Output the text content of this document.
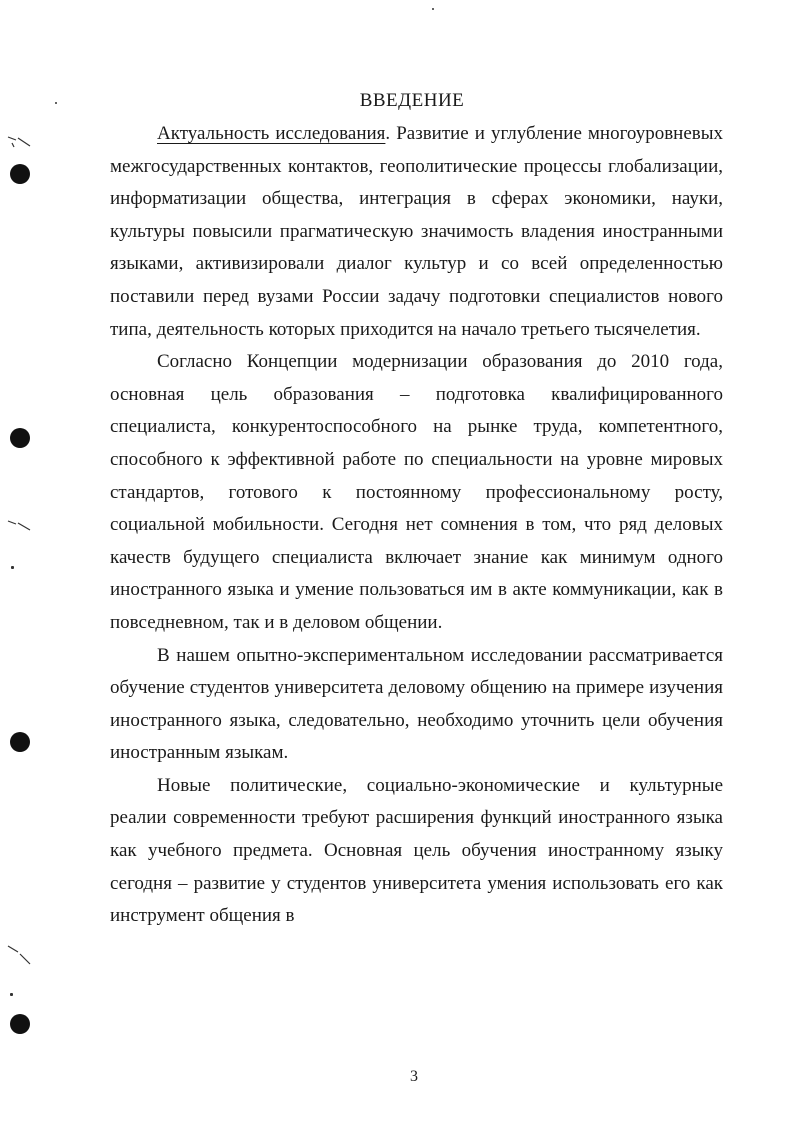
ВВЕДЕНИЕ

Актуальность исследования. Развитие и углубление многоуровневых межгосударственных контактов, геополитические процессы глобализации, информатизации общества, интеграция в сферах экономики, науки, культуры повысили прагматическую значимость владения иностранными языками, активизировали диалог культур и со всей определенностью поставили перед вузами России задачу подготовки специалистов нового типа, деятельность которых приходится на начало третьего тысячелетия.

Согласно Концепции модернизации образования до 2010 года, основная цель образования – подготовка квалифицированного специалиста, конкурентоспособного на рынке труда, компетентного, способного к эффективной работе по специальности на уровне мировых стандартов, готового к постоянному профессиональному росту, социальной мобильности. Сегодня нет сомнения в том, что ряд деловых качеств будущего специалиста включает знание как минимум одного иностранного языка и умение пользоваться им в акте коммуникации, как в повседневном, так и в деловом общении.

В нашем опытно-экспериментальном исследовании рассматривается обучение студентов университета деловому общению на примере изучения иностранного языка, следовательно, необходимо уточнить цели обучения иностранным языкам.

Новые политические, социально-экономические и культурные реалии современности требуют расширения функций иностранного языка как учебного предмета. Основная цель обучения иностранному языку сегодня – развитие у студентов университета умения использовать его как инструмент общения в

3
